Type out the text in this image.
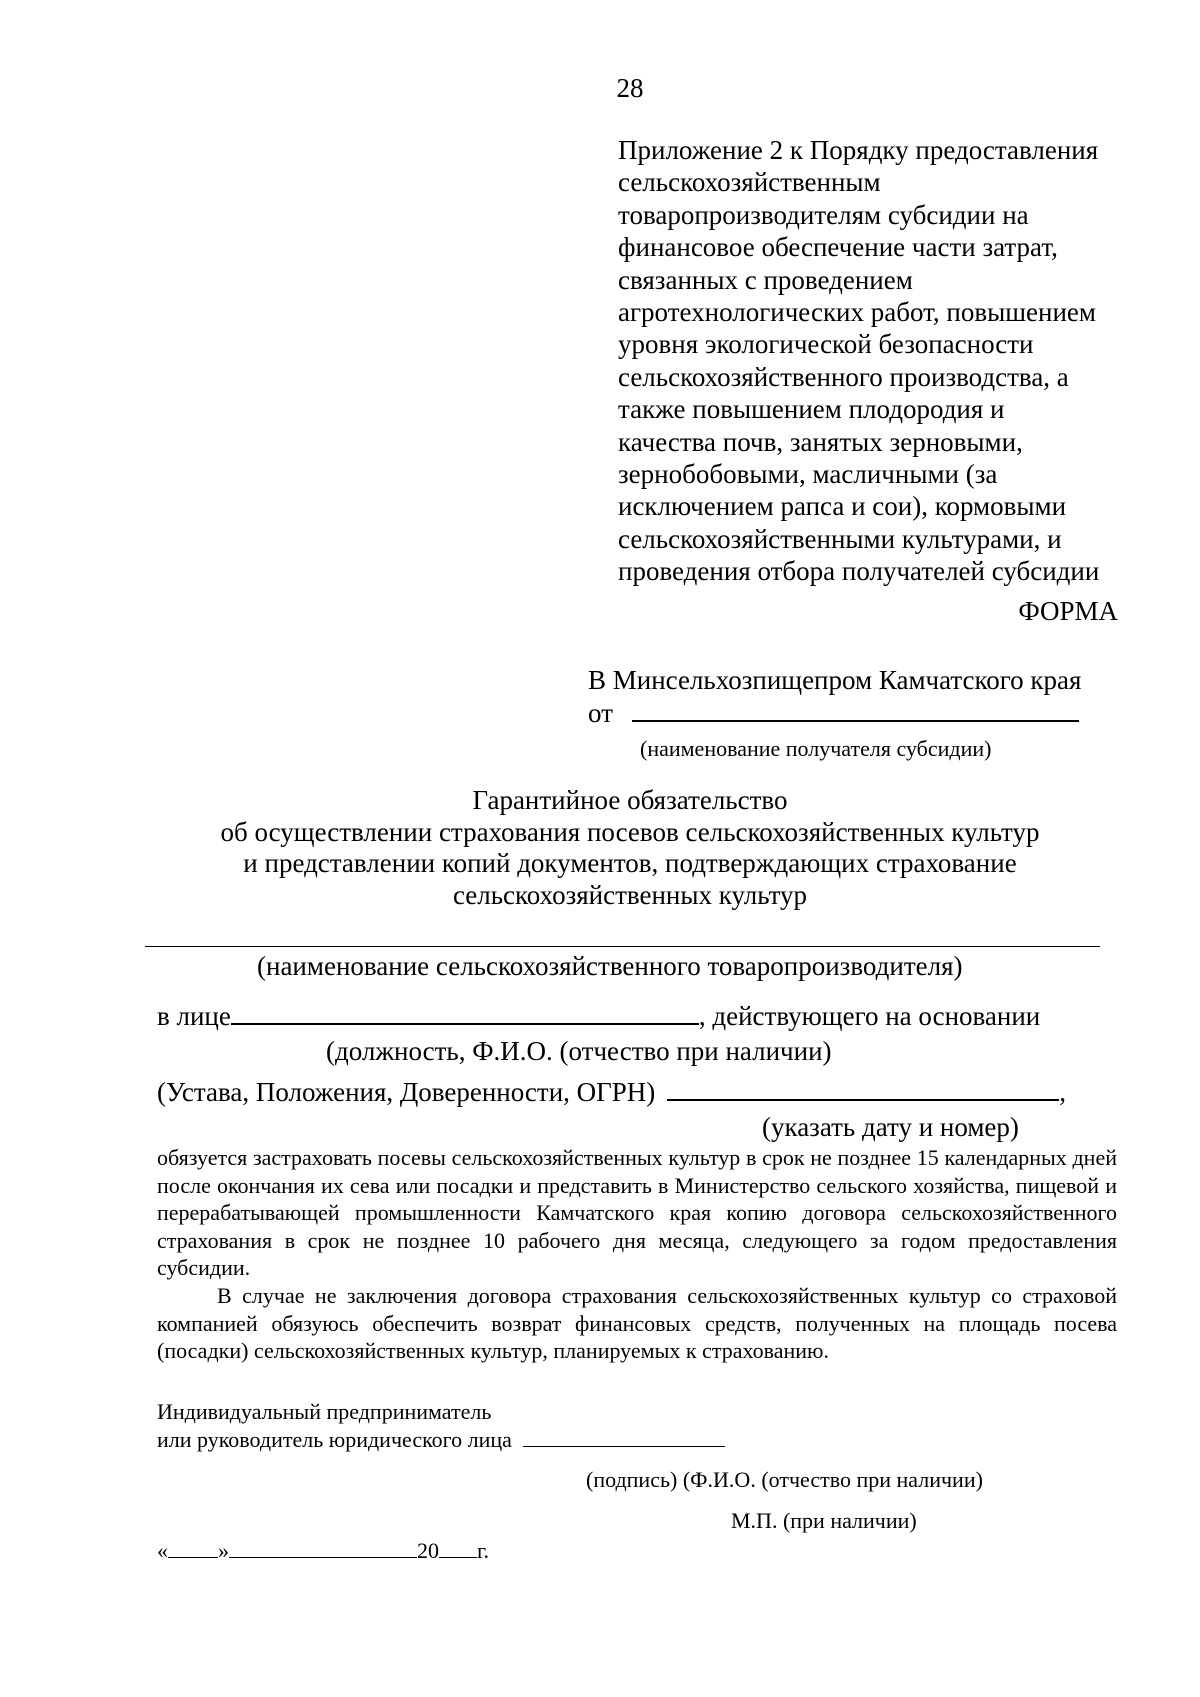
28
Приложение 2 к Порядку предоставления
сельскохозяйственным
товаропроизводителям субсидии на
финансовое обеспечение части затрат,
связанных с проведением
агротехнологических работ, повышением
уровня экологической безопасности
сельскохозяйственного производства, а
также повышением плодородия и
качества почв, занятых зерновыми,
зернобобовыми, масличными (за
исключением рапса и сои), кормовыми
сельскохозяйственными культурами, и
проведения отбора получателей субсидии
ФОРМА
В Минсельхозпищепром Камчатского края
от
(наименование получателя субсидии)
Гарантийное обязательство
об осуществлении страхования посевов сельскохозяйственных культур
и представлении копий документов, подтверждающих страхование
сельскохозяйственных культур
(наименование сельскохозяйственного товаропроизводителя)
в лице	, действующего на основании
(должность, Ф.И.О. (отчество при наличии)
(Устава, Положения, Доверенности, ОГРН)	,
(указать дату и номер)

обязуется застраховать посевы сельскохозяйственных культур в срок не позднее 15 календарных дней после окончания их сева или посадки и представить в Министерство сельского хозяйства, пищевой и перерабатывающей промышленности Камчатского края копию договора сельскохозяйственного страхования в срок не позднее 10 рабочего дня месяца, следующего за годом предоставления субсидии.

В случае не заключения договора страхования сельскохозяйственных культур со страховой компанией обязуюсь обеспечить возврат финансовых средств, полученных на площадь посева (посадки) сельскохозяйственных культур, планируемых к страхованию.

Индивидуальный предприниматель
или руководитель юридического лица
(подпись) (Ф.И.О. (отчество при наличии)
М.П. (при наличии)
« »	20 г.
